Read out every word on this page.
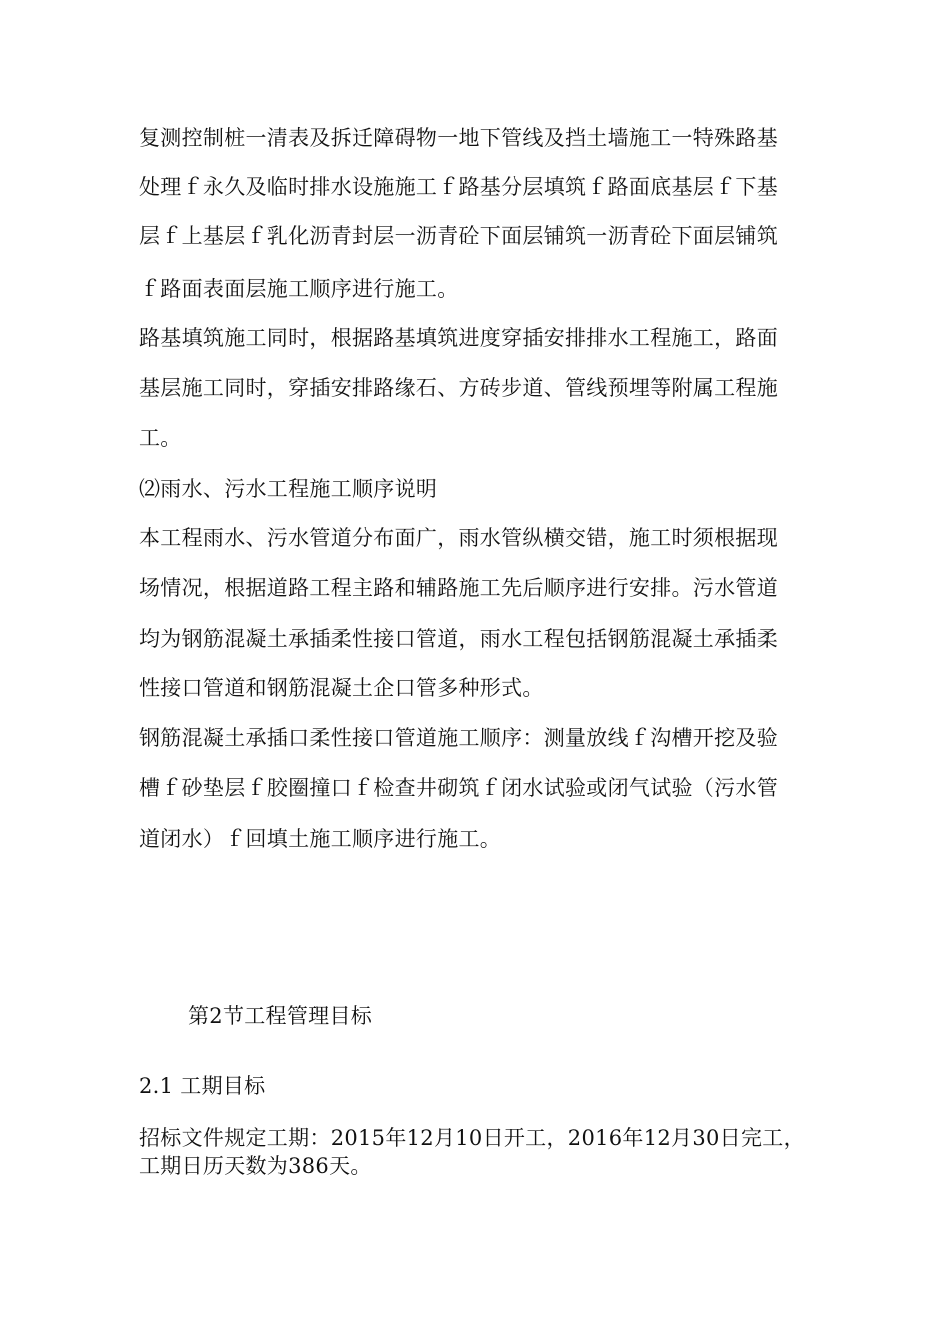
复测控制桩一清表及拆迁障碍物一地下管线及挡土墙施工一特殊路基
处理ｆ永久及临时排水设施施工ｆ路基分层填筑ｆ路面底基层ｆ下基
层ｆ上基层ｆ乳化沥青封层一沥青砼下面层铺筑一沥青砼下面层铺筑
ｆ路面表面层施工顺序进行施工。
路基填筑施工同时，根据路基填筑进度穿插安排排水工程施工，路面
基层施工同时，穿插安排路缘石、方砖步道、管线预埋等附属工程施
工。
⑵雨水、污水工程施工顺序说明
本工程雨水、污水管道分布面广，雨水管纵横交错，施工时须根据现
场情况，根据道路工程主路和辅路施工先后顺序进行安排。污水管道
均为钢筋混凝土承插柔性接口管道，雨水工程包括钢筋混凝土承插柔
性接口管道和钢筋混凝土企口管多种形式。
钢筋混凝土承插口柔性接口管道施工顺序：测量放线ｆ沟槽开挖及验
槽ｆ砂垫层ｆ胶圈撞口ｆ检查井砌筑ｆ闭水试验或闭气试验（污水管
道闭水）ｆ回填土施工顺序进行施工。
第2节工程管理目标
2.1 工期目标
招标文件规定工期：2015年12月10日开工，2016年12月30日完工，
工期日历天数为386天。
